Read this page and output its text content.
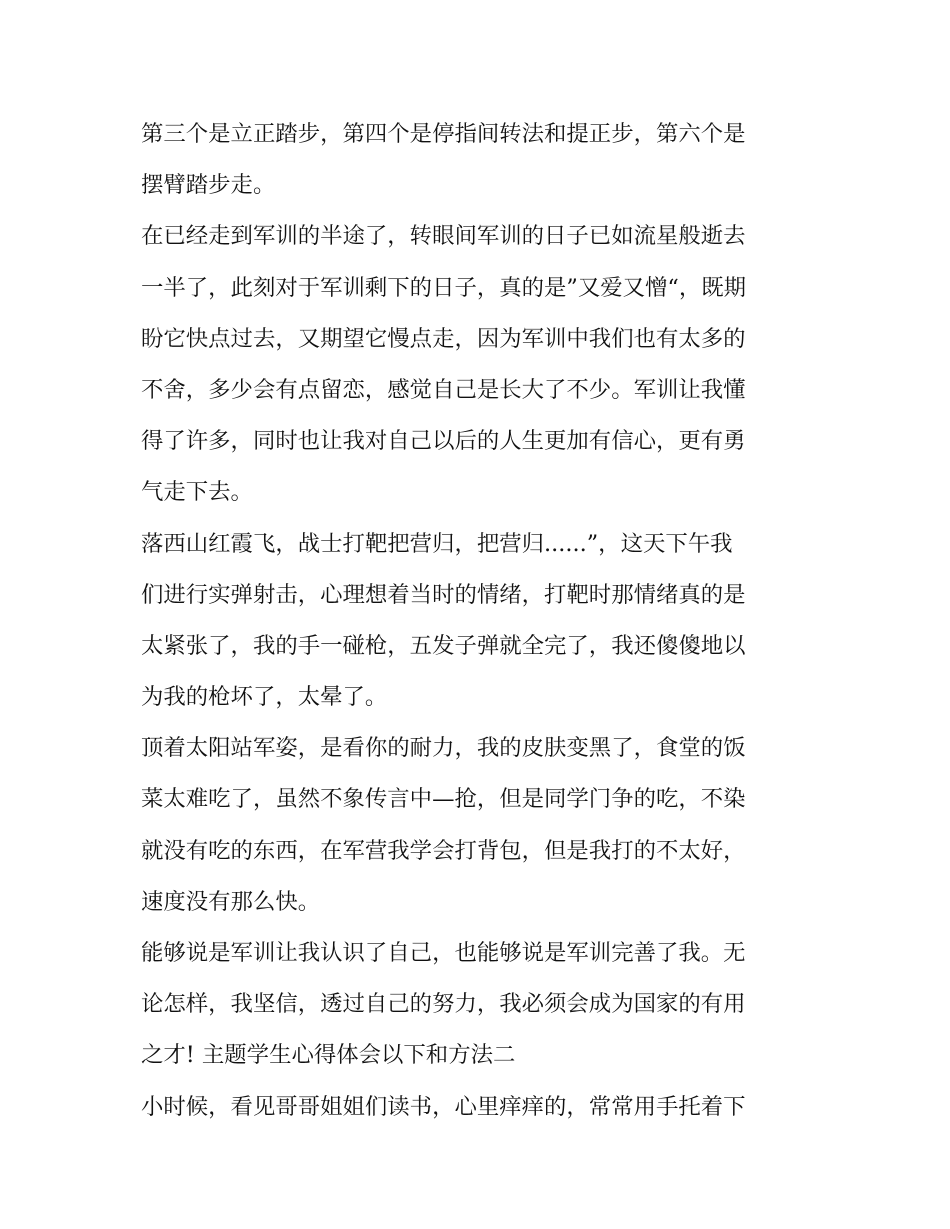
第三个是立正踏步，第四个是停指间转法和提正步，第六个是
摆臂踏步走。
在已经走到军训的半途了，转眼间军训的日子已如流星般逝去
一半了，此刻对于军训剩下的日子，真的是”又爱又憎“，既期
盼它快点过去，又期望它慢点走，因为军训中我们也有太多的
不舍，多少会有点留恋，感觉自己是长大了不少。军训让我懂
得了许多，同时也让我对自己以后的人生更加有信心，更有勇
气走下去。
落西山红霞飞，战士打靶把营归，把营归......”，这天下午我
们进行实弹射击，心理想着当时的情绪，打靶时那情绪真的是
太紧张了，我的手一碰枪，五发子弹就全完了，我还傻傻地以
为我的枪坏了，太晕了。
顶着太阳站军姿，是看你的耐力，我的皮肤变黑了，食堂的饭
菜太难吃了，虽然不象传言中—抢，但是同学门争的吃，不染
就没有吃的东西，在军营我学会打背包，但是我打的不太好，
速度没有那么快。
能够说是军训让我认识了自己，也能够说是军训完善了我。无
论怎样，我坚信，透过自己的努力，我必须会成为国家的有用
之才! 主题学生心得体会以下和方法二
小时候，看见哥哥姐姐们读书，心里痒痒的，常常用手托着下
